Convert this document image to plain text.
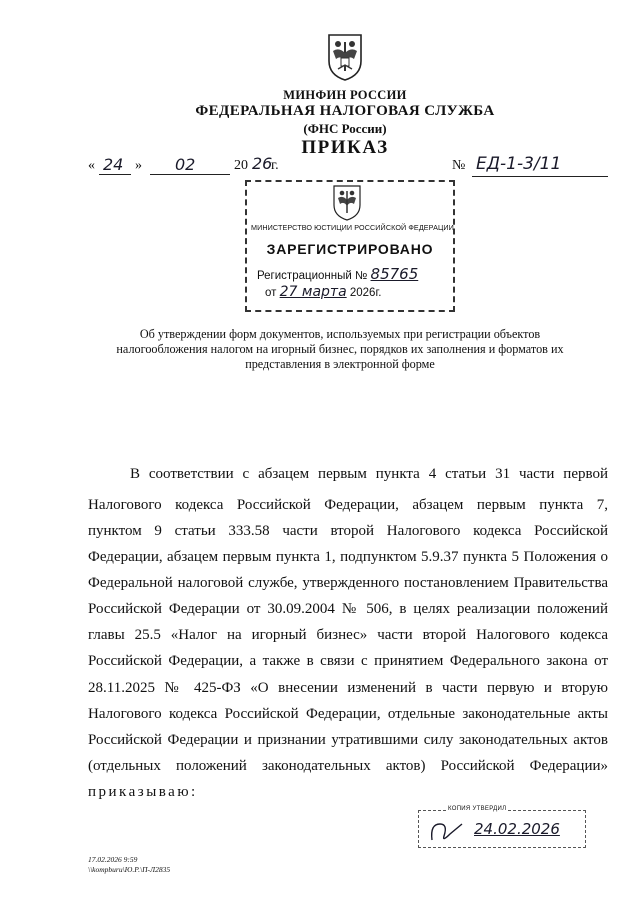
МИНФИН РОССИИ
ФЕДЕРАЛЬНАЯ НАЛОГОВАЯ СЛУЖБА
(ФНС России)
ПРИКАЗ
« 24 » 02	20 26
г.	№ ЕД-1-3/11
МИНИСТЕРСТВО ЮСТИЦИИ РОССИЙСКОЙ ФЕДЕРАЦИИ
ЗАРЕГИСТРИРОВАНО
Регистрационный № 85765
от 27 марта 2026г.
Об утверждении форм документов, используемых при регистрации объектов
налогообложения налогом на игорный бизнес, порядков их заполнения и форматов их
представления в электронной форме
В соответствии с абзацем первым пункта 4 статьи 31 части первой
Налогового кодекса Российской Федерации, абзацем первым пункта 7,
пунктом 9 статьи 333.58 части второй Налогового кодекса Российской
Федерации, абзацем первым пункта 1, подпунктом 5.9.37 пункта 5 Положения о
Федеральной налоговой службе, утвержденного постановлением Правительства
Российской Федерации от 30.09.2004 № 506, в целях реализации положений
главы 25.5 «Налог на игорный бизнес» части второй Налогового кодекса
Российской Федерации, а также в связи с принятием Федерального закона от
28.11.2025 № 425-ФЗ «О внесении изменений в части первую и вторую
Налогового кодекса Российской Федерации, отдельные законодательные акты
Российской Федерации и признании утратившими силу законодательных актов
(отдельных положений законодательных актов) Российской Федерации»
приказываю:
КОПИЯ УТВЕРДИЛ
24.02.2026
17.02.2026 9:59
\\kompburu\Ю.Р.\П-Л2835
